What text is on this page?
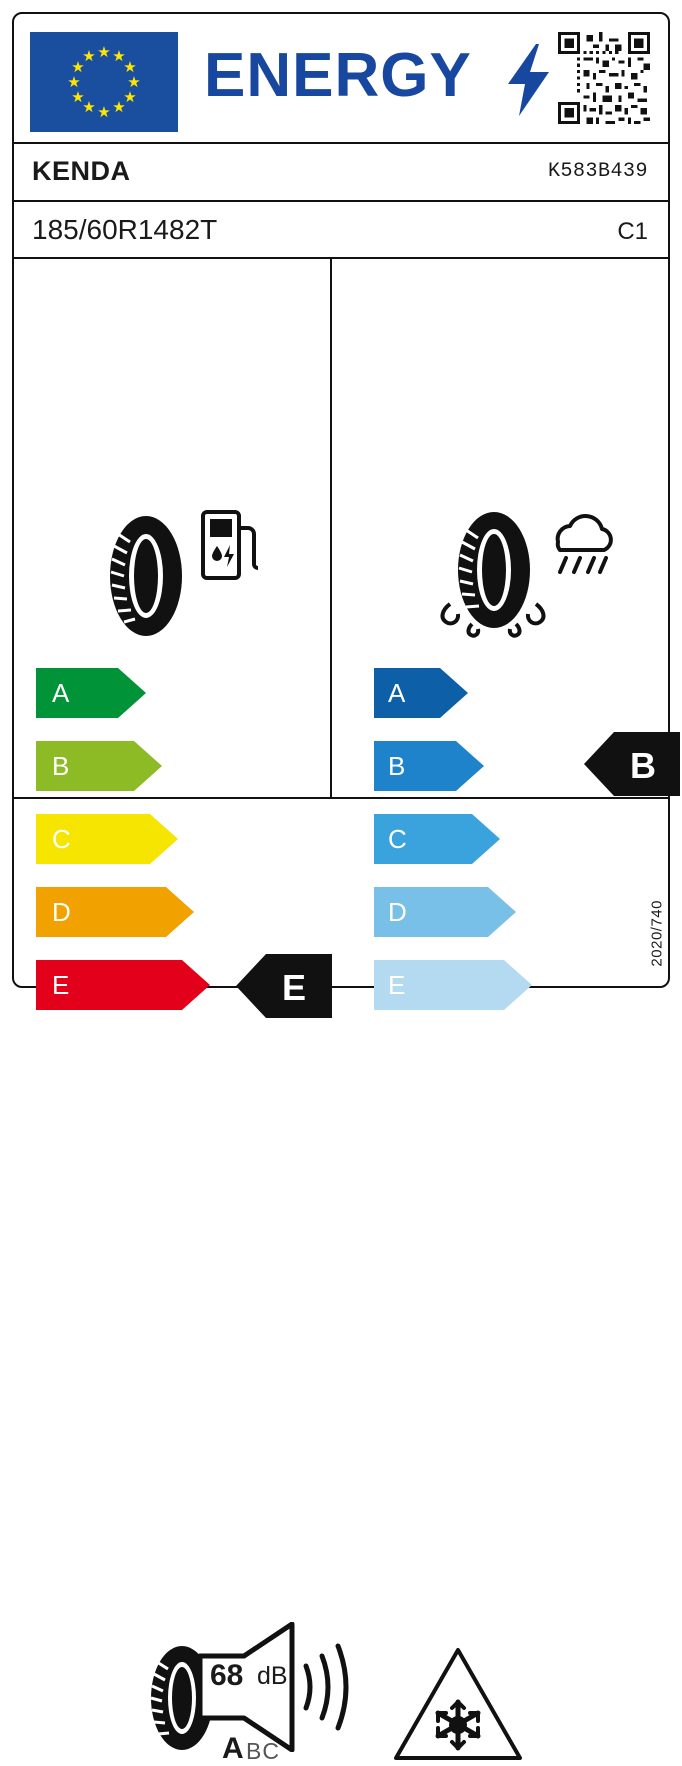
★ ★
★
★
★
★
★
★
★
★
★
★ ENERGY
KENDA	K583B439
185/60R1482T	C1
A
B
C
D
E
A
B
C
D
E
E
B
68 dB
A BC
2020/740
